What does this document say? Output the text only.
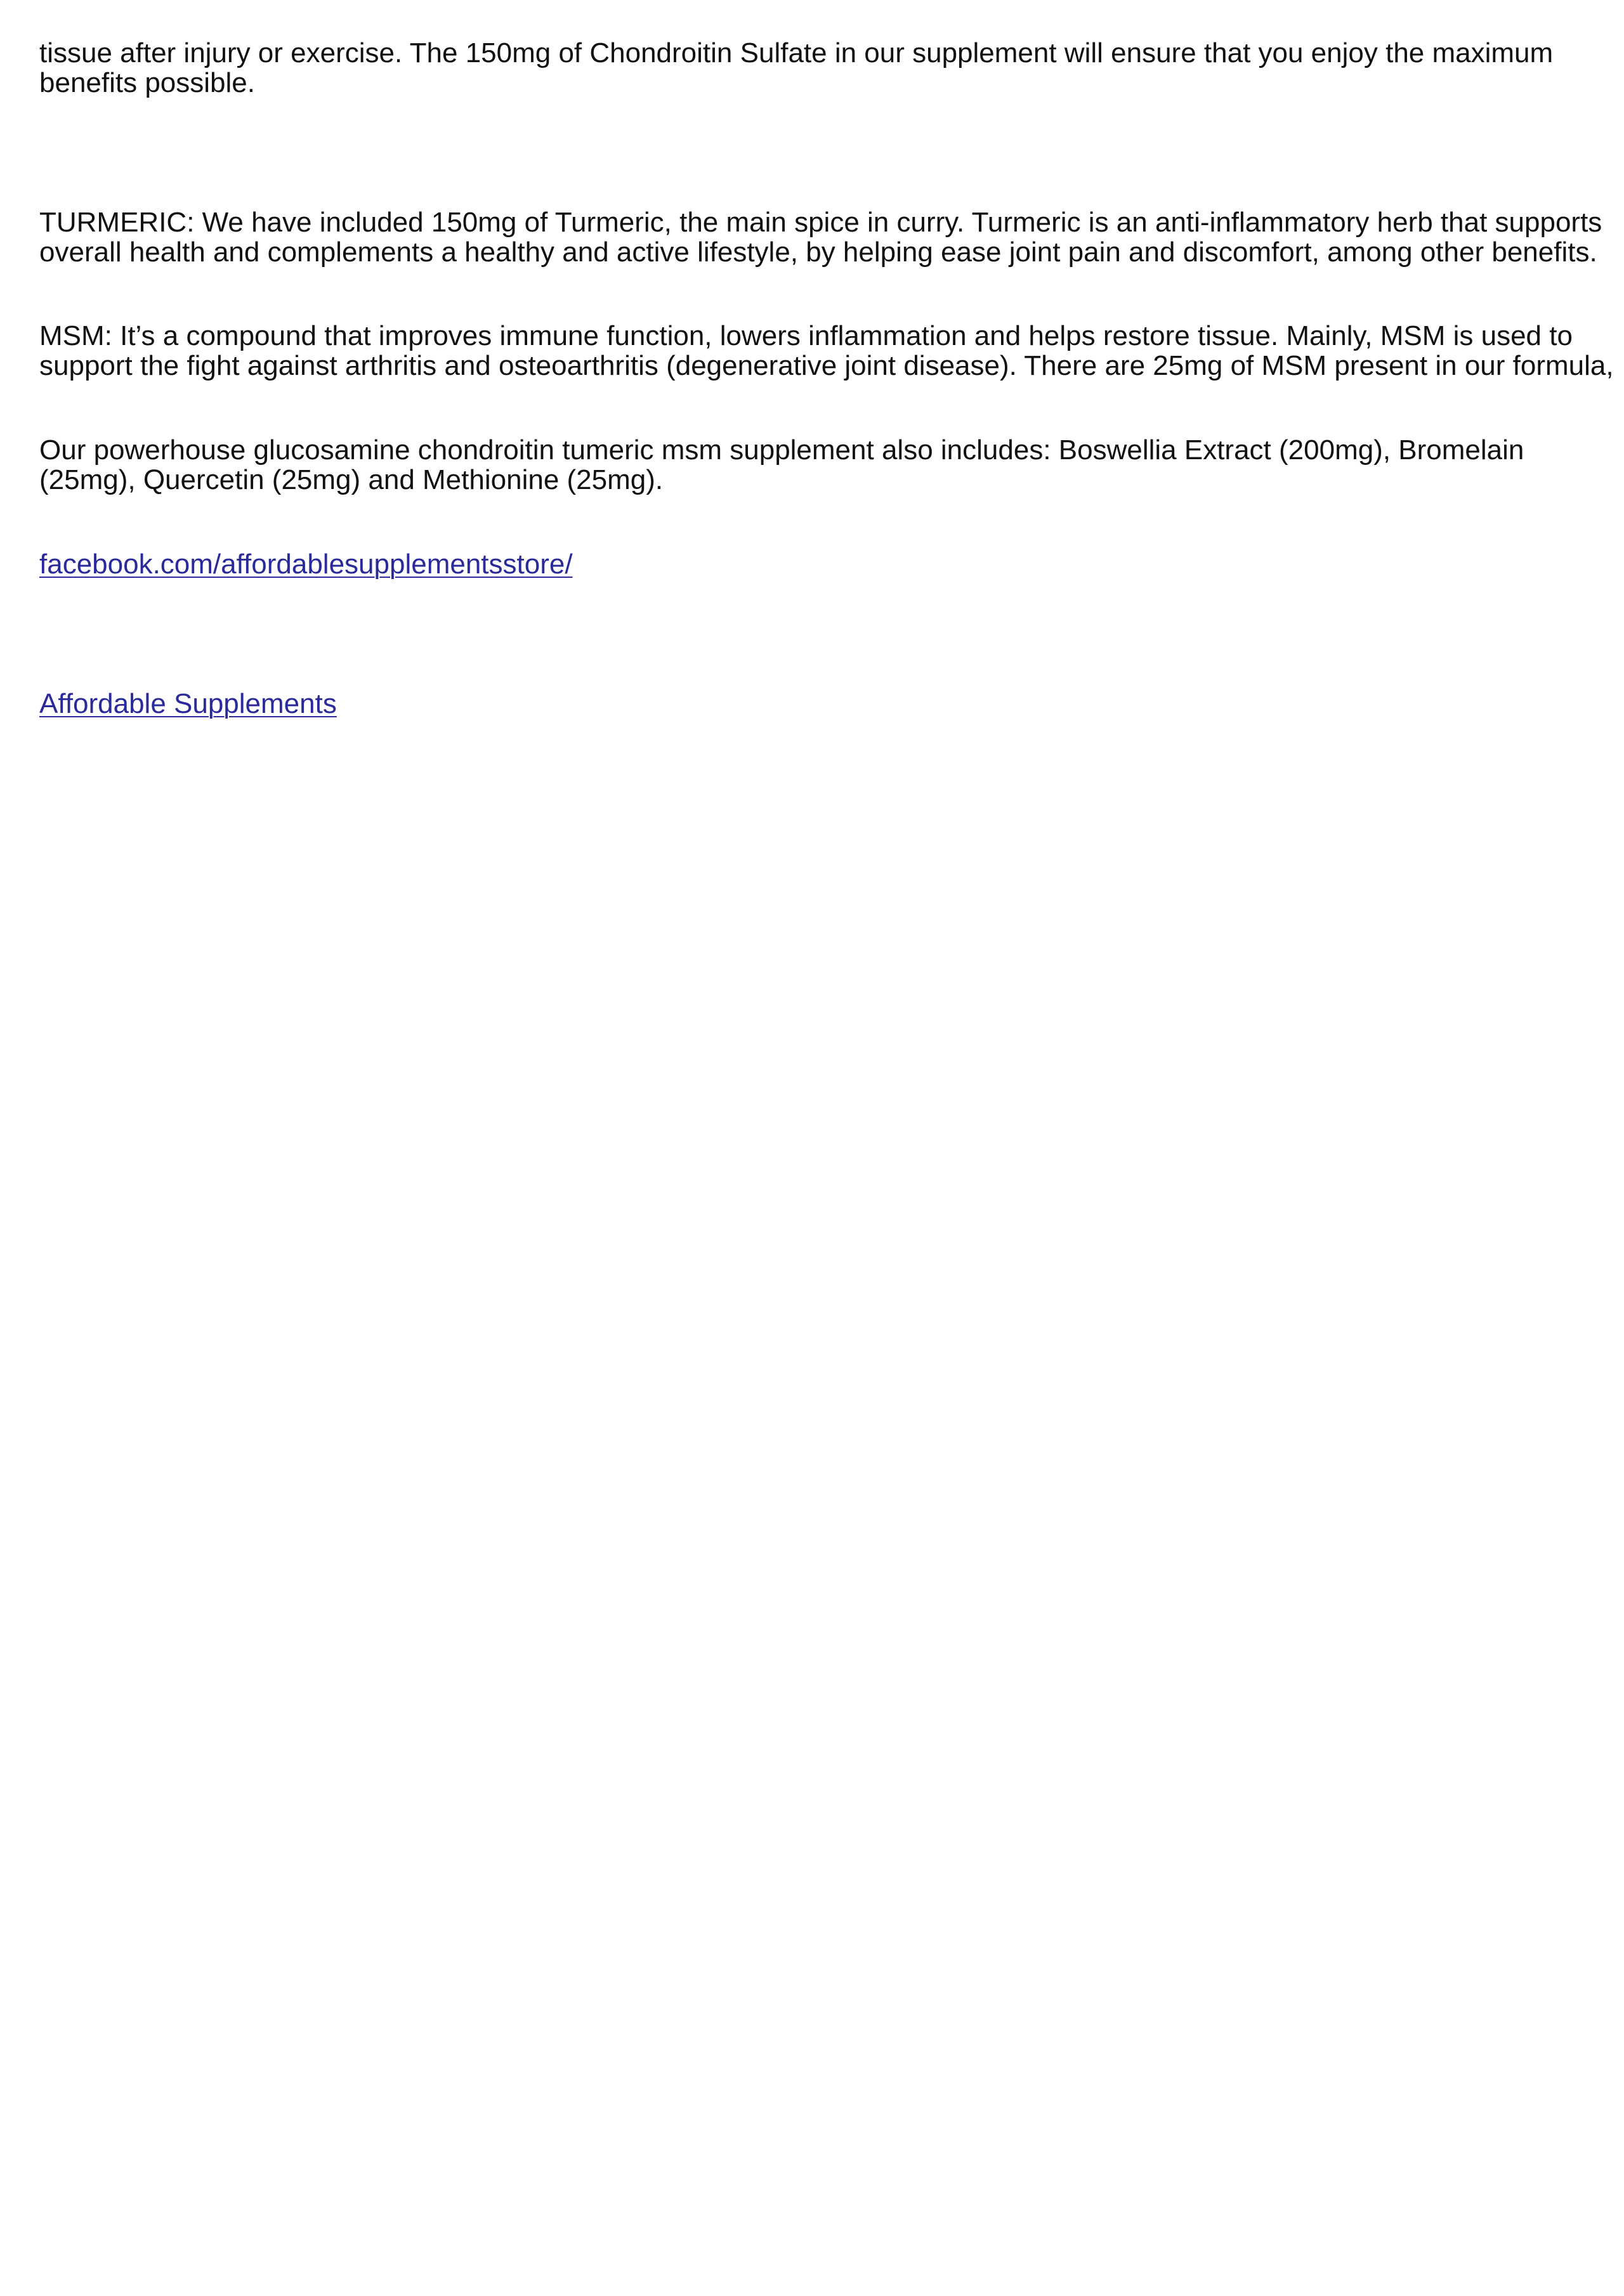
tissue after injury or exercise. The 150mg of Chondroitin Sulfate in our supplement will ensure that you enjoy the maximum
benefits possible.

TURMERIC: We have included 150mg of Turmeric, the main spice in curry. Turmeric is an anti-inflammatory herb that supports
overall health and complements a healthy and active lifestyle, by helping ease joint pain and discomfort, among other benefits.

MSM: It’s a compound that improves immune function, lowers inflammation and helps restore tissue. Mainly, MSM is used to
support the fight against arthritis and osteoarthritis (degenerative joint disease). There are 25mg of MSM present in our formula,

Our powerhouse glucosamine chondroitin tumeric msm supplement also includes: Boswellia Extract (200mg), Bromelain
(25mg), Quercetin (25mg) and Methionine (25mg).

facebook.com/affordablesupplementsstore/
Affordable Supplements
